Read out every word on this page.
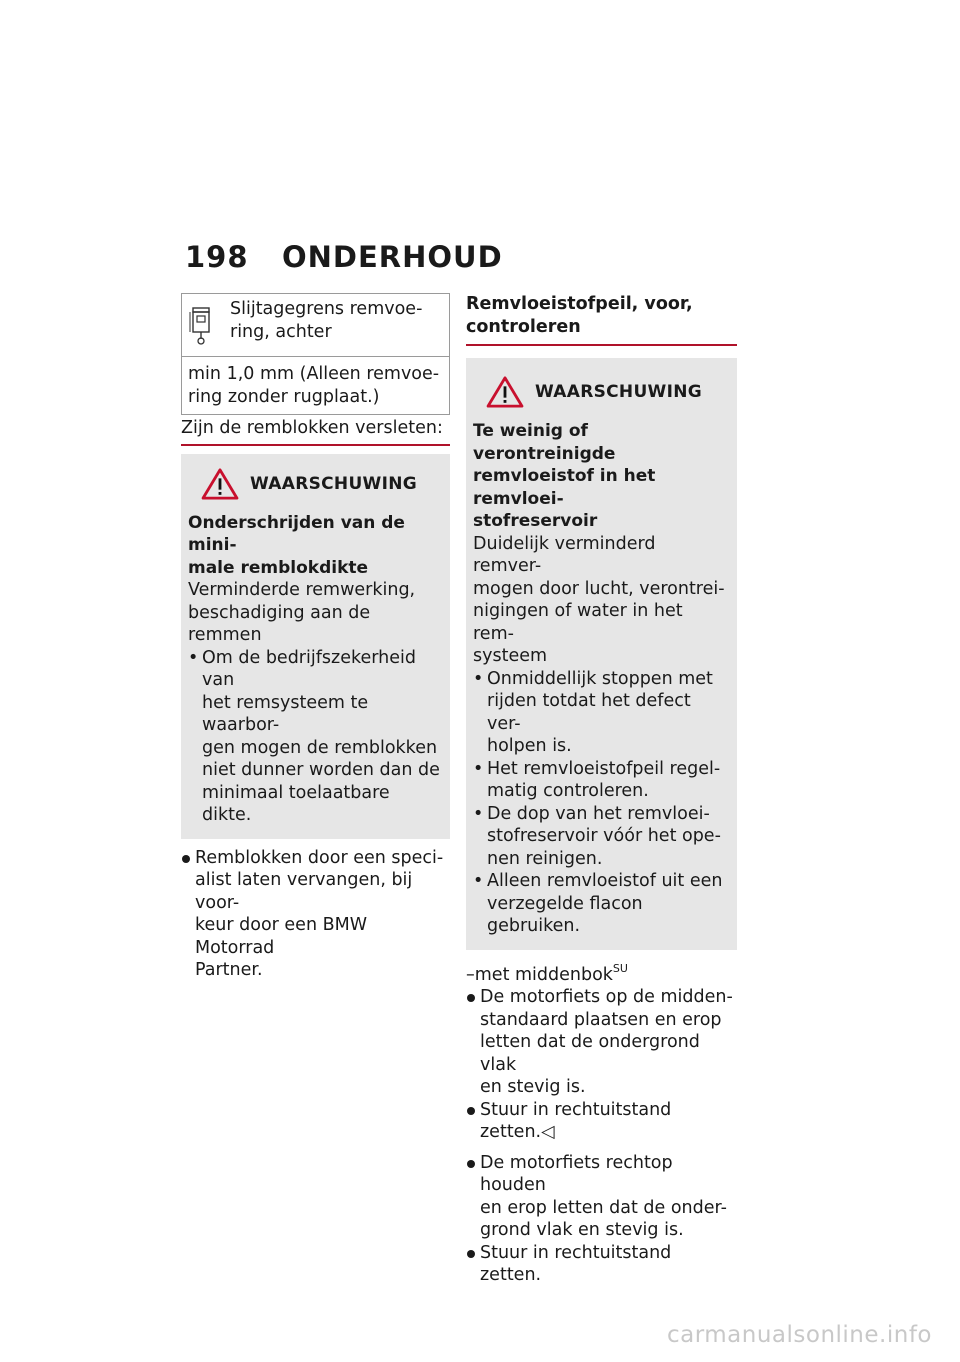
198	ONDERHOUD
Slijtagegrens remvoe-
ring, achter
min 1,0 mm (Alleen remvoe-
ring zonder rugplaat.)
Zijn de remblokken versleten:
WAARSCHUWING
Onderschrijden van de mini-
male remblokdikte
Verminderde remwerking,
beschadiging aan de remmen
• Om de bedrijfszekerheid van
het remsysteem te waarbor-
gen mogen de remblokken
niet dunner worden dan de
minimaal toelaatbare dikte.
Remblokken door een speci-
alist laten vervangen, bij voor-
keur door een BMW Motorrad
Partner.
Remvloeistofpeil, voor,
controleren
WAARSCHUWING
Te weinig of verontreinigde
remvloeistof in het remvloei-
stofreservoir
Duidelijk verminderd remver-
mogen door lucht, verontrei-
nigingen of water in het rem-
systeem
• Onmiddellijk stoppen met
rijden totdat het defect ver-
holpen is.
• Het remvloeistofpeil regel-
matig controleren.
• De dop van het remvloei-
stofreservoir vóór het ope-
nen reinigen.
• Alleen remvloeistof uit een
verzegelde flacon gebruiken.
–met middenbok$^{SU}$
De motorfiets op de midden-
standaard plaatsen en erop
letten dat de ondergrond vlak
en stevig is.
Stuur in rechtuitstand zetten.◁
De motorfiets rechtop houden
en erop letten dat de onder-
grond vlak en stevig is.
Stuur in rechtuitstand zetten.
carmanualsonline.info
